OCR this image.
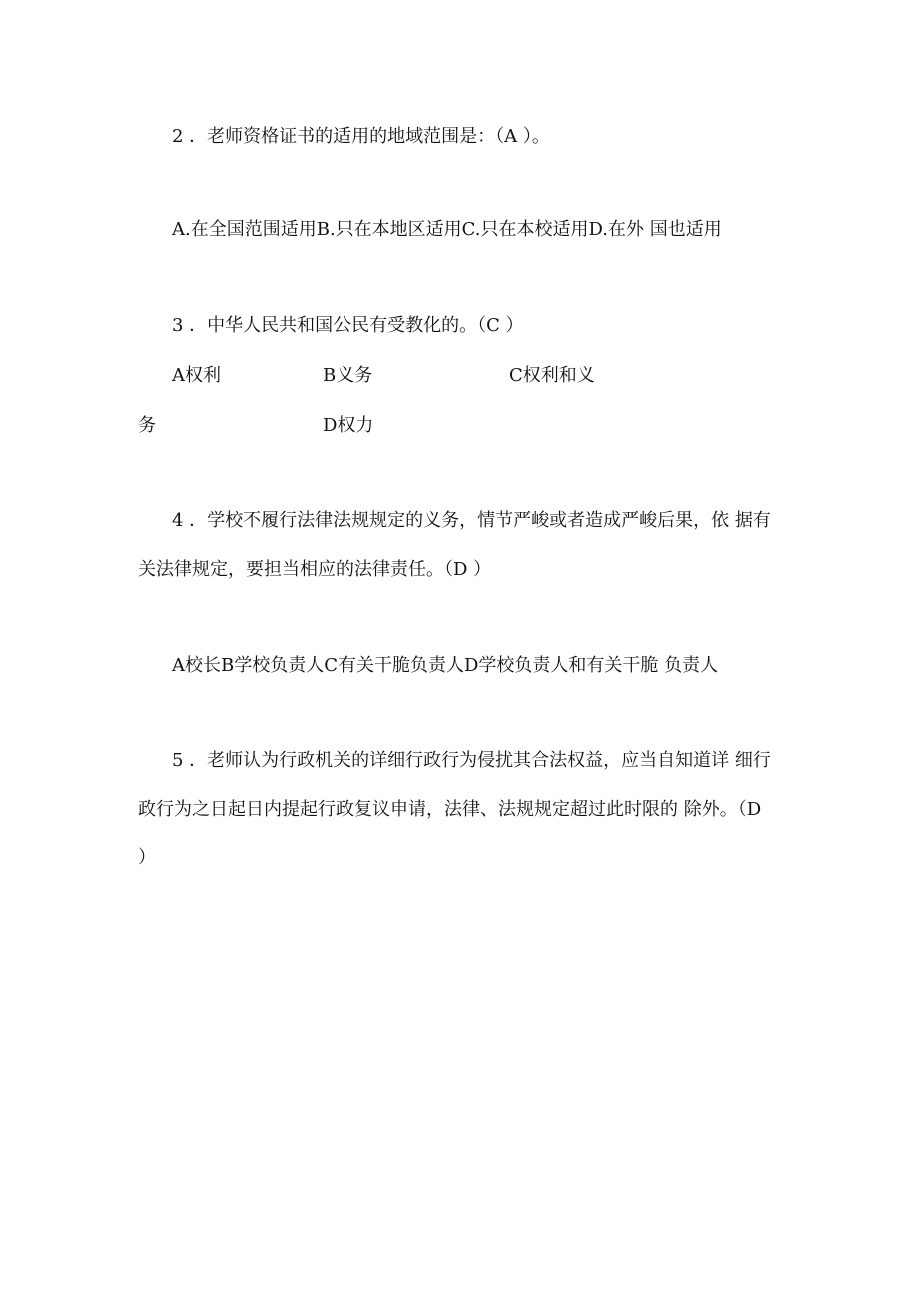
2 ．老师资格证书的适用的地域范围是：（A ）。
A.在全国范围适用B.只在本地区适用C.只在本校适用D.在外 国也适用
3 ．中华人民共和国公民有受教化的。（C ）
A权利	B义务	C权利和义
务	D权力
4 ．学校不履行法律法规规定的义务，情节严峻或者造成严峻后果，依 据有
关法律规定，要担当相应的法律责任。（D ）
A校长B学校负责人C有关干脆负责人D学校负责人和有关干脆 负责人
5 ．老师认为行政机关的详细行政行为侵扰其合法权益，应当自知道详 细行
政行为之日起日内提起行政复议申请，法律、法规规定超过此时限的 除外。（D
）
